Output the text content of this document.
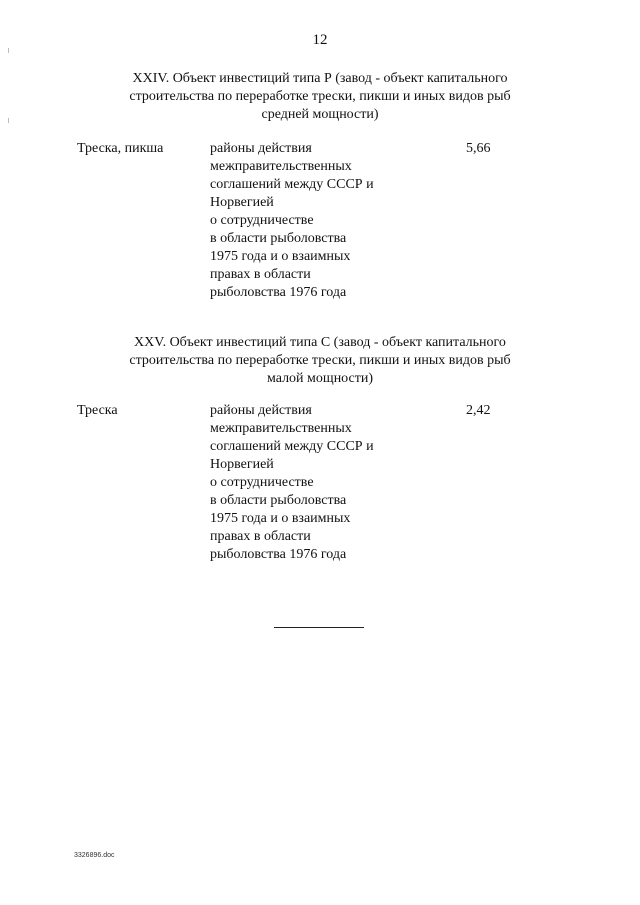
12
XXIV. Объект инвестиций типа Р (завод - объект капитального
строительства по переработке трески, пикши и иных видов рыб
средней мощности)
Треска, пикша	районы действия
межправительственных
соглашений между СССР и
Норвегией
о сотрудничестве
в области рыболовства
1975 года и о взаимных
правах в области
рыболовства 1976 года
5,66
XXV. Объект инвестиций типа С (завод - объект капитального
строительства по переработке трески, пикши и иных видов рыб
малой мощности)
Треска	районы действия
межправительственных
соглашений между СССР и
Норвегией
о сотрудничестве
в области рыболовства
1975 года и о взаимных
правах в области
рыболовства 1976 года
2,42
3326896.doc
